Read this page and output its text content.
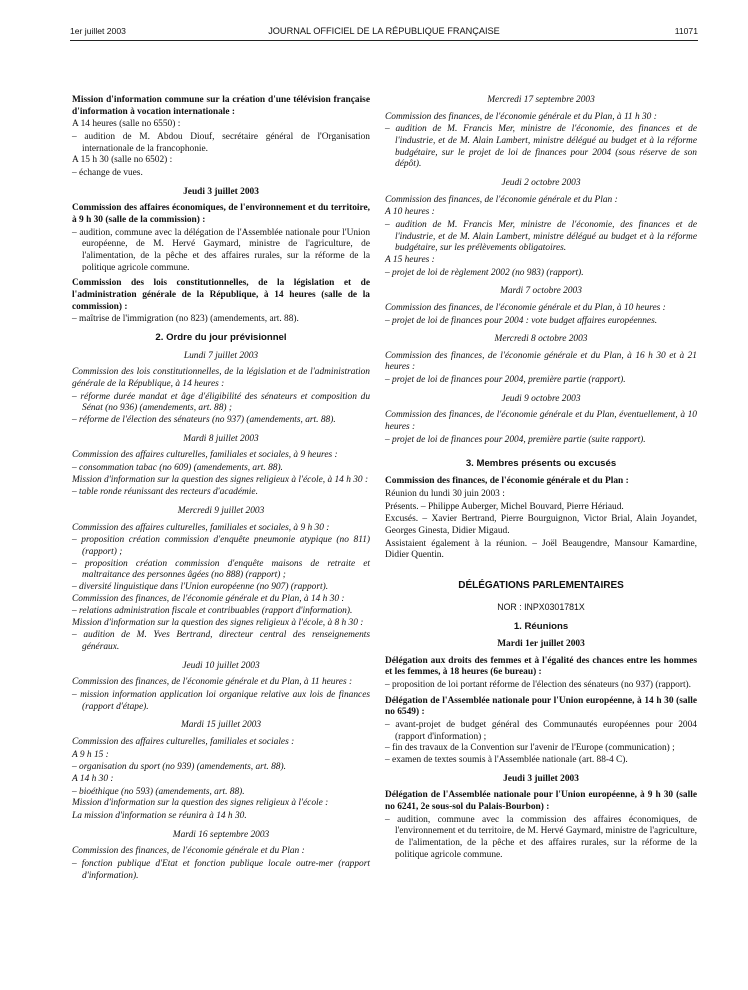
1er juillet 2003	JOURNAL OFFICIEL DE LA RÉPUBLIQUE FRANÇAISE	11071

Mission d'information commune sur la création d'une télévision française d'information à vocation internationale :

A 14 heures (salle no 6550) :

– audition de M. Abdou Diouf, secrétaire général de l'Organisation internationale de la francophonie.

A 15 h 30 (salle no 6502) :

– échange de vues.

Jeudi 3 juillet 2003

Commission des affaires économiques, de l'environnement et du territoire, à 9 h 30 (salle de la commission) :

– audition, commune avec la délégation de l'Assemblée nationale pour l'Union européenne, de M. Hervé Gaymard, ministre de l'agriculture, de l'alimentation, de la pêche et des affaires rurales, sur la réforme de la politique agricole commune.

Commission des lois constitutionnelles, de la législation et de l'administration générale de la République, à 14 heures (salle de la commission) :

– maîtrise de l'immigration (no 823) (amendements, art. 88).

2. Ordre du jour prévisionnel

Lundi 7 juillet 2003

Commission des lois constitutionnelles, de la législation et de l'administration générale de la République, à 14 heures :

– réforme durée mandat et âge d'éligibilité des sénateurs et composition du Sénat (no 936) (amendements, art. 88) ;
– réforme de l'élection des sénateurs (no 937) (amendements, art. 88).

Mardi 8 juillet 2003

Commission des affaires culturelles, familiales et sociales, à 9 heures :

– consommation tabac (no 609) (amendements, art. 88).

Mission d'information sur la question des signes religieux à l'école, à 14 h 30 :

– table ronde réunissant des recteurs d'académie.

Mercredi 9 juillet 2003

Commission des affaires culturelles, familiales et sociales, à 9 h 30 :

– proposition création commission d'enquête pneumonie atypique (no 811) (rapport) ;
– proposition création commission d'enquête maisons de retraite et maltraitance des personnes âgées (no 888) (rapport) ;
– diversité linguistique dans l'Union européenne (no 907) (rapport).

Commission des finances, de l'économie générale et du Plan, à 14 h 30 :

– relations administration fiscale et contribuables (rapport d'information).

Mission d'information sur la question des signes religieux à l'école, à 8 h 30 :

– audition de M. Yves Bertrand, directeur central des renseignements généraux.

Jeudi 10 juillet 2003

Commission des finances, de l'économie générale et du Plan, à 11 heures :

– mission information application loi organique relative aux lois de finances (rapport d'étape).

Mardi 15 juillet 2003

Commission des affaires culturelles, familiales et sociales :

A 9 h 15 :

– organisation du sport (no 939) (amendements, art. 88).

A 14 h 30 :

– bioéthique (no 593) (amendements, art. 88).

Mission d'information sur la question des signes religieux à l'école :

La mission d'information se réunira à 14 h 30.

Mardi 16 septembre 2003

Commission des finances, de l'économie générale et du Plan :

– fonction publique d'Etat et fonction publique locale outre-mer (rapport d'information).

Mercredi 17 septembre 2003

Commission des finances, de l'économie générale et du Plan, à 11 h 30 :

– audition de M. Francis Mer, ministre de l'économie, des finances et de l'industrie, et de M. Alain Lambert, ministre délégué au budget et à la réforme budgétaire, sur le projet de loi de finances pour 2004 (sous réserve de son dépôt).

Jeudi 2 octobre 2003

Commission des finances, de l'économie générale et du Plan :

A 10 heures :

– audition de M. Francis Mer, ministre de l'économie, des finances et de l'industrie, et de M. Alain Lambert, ministre délégué au budget et à la réforme budgétaire, sur les prélèvements obligatoires.

A 15 heures :

– projet de loi de règlement 2002 (no 983) (rapport).

Mardi 7 octobre 2003

Commission des finances, de l'économie générale et du Plan, à 10 heures :

– projet de loi de finances pour 2004 : vote budget affaires européennes.

Mercredi 8 octobre 2003

Commission des finances, de l'économie générale et du Plan, à 16 h 30 et à 21 heures :

– projet de loi de finances pour 2004, première partie (rapport).

Jeudi 9 octobre 2003

Commission des finances, de l'économie générale et du Plan, éventuellement, à 10 heures :

– projet de loi de finances pour 2004, première partie (suite rapport).

3. Membres présents ou excusés

Commission des finances, de l'économie générale et du Plan :

Réunion du lundi 30 juin 2003 :

Présents. – Philippe Auberger, Michel Bouvard, Pierre Hériaud.

Excusés. – Xavier Bertrand, Pierre Bourguignon, Victor Brial, Alain Joyandet, Georges Ginesta, Didier Migaud.

Assistaient également à la réunion. – Joël Beaugendre, Mansour Kamardine, Didier Quentin.

DÉLÉGATIONS PARLEMENTAIRES

NOR : INPX0301781X

1. Réunions

Mardi 1er juillet 2003

Délégation aux droits des femmes et à l'égalité des chances entre les hommes et les femmes, à 18 heures (6e bureau) :

– proposition de loi portant réforme de l'élection des sénateurs (no 937) (rapport).

Délégation de l'Assemblée nationale pour l'Union européenne, à 14 h 30 (salle no 6549) :

– avant-projet de budget général des Communautés européennes pour 2004 (rapport d'information) ;
– fin des travaux de la Convention sur l'avenir de l'Europe (communication) ;
– examen de textes soumis à l'Assemblée nationale (art. 88-4 C).

Jeudi 3 juillet 2003

Délégation de l'Assemblée nationale pour l'Union européenne, à 9 h 30 (salle no 6241, 2e sous-sol du Palais-Bourbon) :

– audition, commune avec la commission des affaires économiques, de l'environnement et du territoire, de M. Hervé Gaymard, ministre de l'agriculture, de l'alimentation, de la pêche et des affaires rurales, sur la réforme de la politique agricole commune.
